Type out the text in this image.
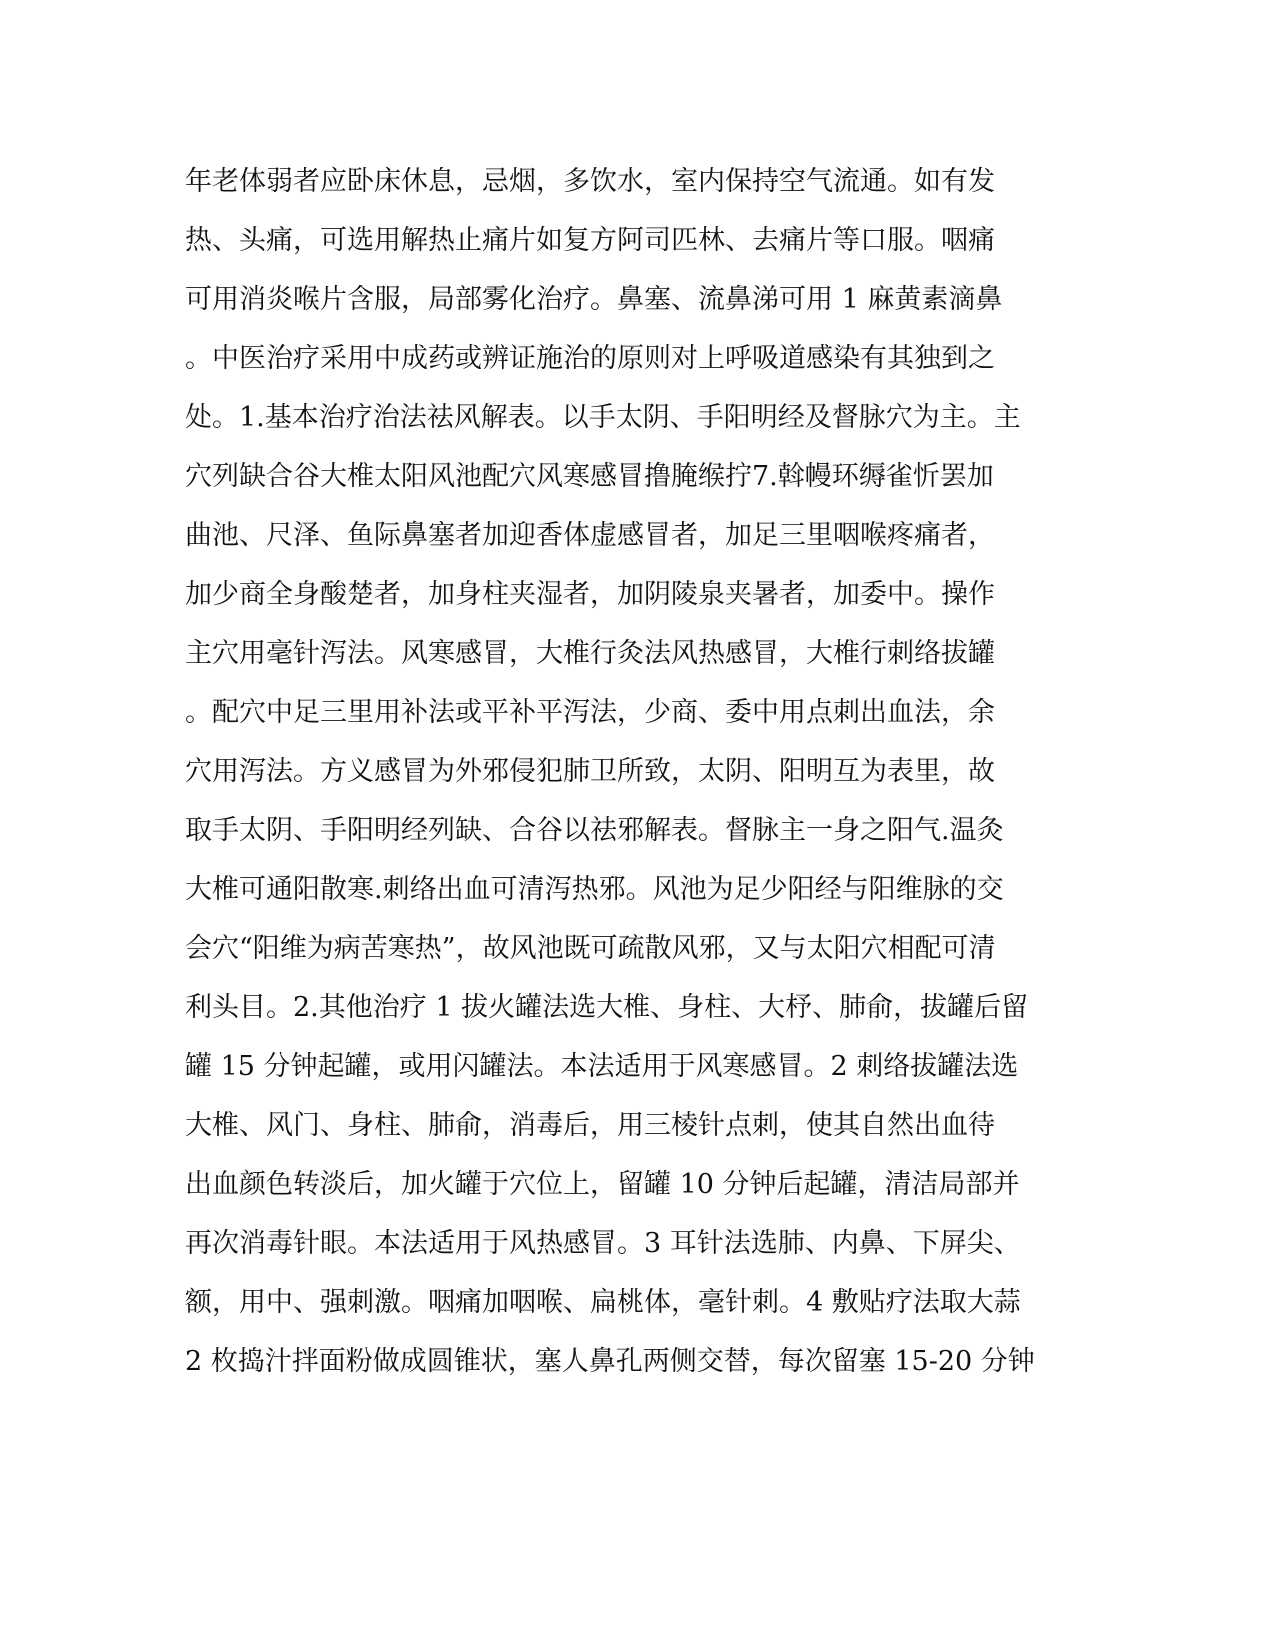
年老体弱者应卧床休息，忌烟，多饮水，室内保持空气流通。如有发
热、头痛，可选用解热止痛片如复方阿司匹林、去痛片等口服。咽痛
可用消炎喉片含服，局部雾化治疗。鼻塞、流鼻涕可用 1 麻黄素滴鼻
。中医治疗采用中成药或辨证施治的原则对上呼吸道感染有其独到之
处。1.基本治疗治法祛风解表。以手太阴、手阳明经及督脉穴为主。主
穴列缺合谷大椎太阳风池配穴风寒感冒撸腌缑拧7.斡幔环缛雀忻罢加
曲池、尺泽、鱼际鼻塞者加迎香体虚感冒者，加足三里咽喉疼痛者，
加少商全身酸楚者，加身柱夹湿者，加阴陵泉夹暑者，加委中。操作
主穴用毫针泻法。风寒感冒，大椎行灸法风热感冒，大椎行刺络拔罐
。配穴中足三里用补法或平补平泻法，少商、委中用点刺出血法，余
穴用泻法。方义感冒为外邪侵犯肺卫所致，太阴、阳明互为表里，故
取手太阴、手阳明经列缺、合谷以祛邪解表。督脉主一身之阳气.温灸
大椎可通阳散寒.刺络出血可清泻热邪。风池为足少阳经与阳维脉的交
会穴“阳维为病苦寒热”，故风池既可疏散风邪，又与太阳穴相配可清
利头目。2.其他治疗 1 拔火罐法选大椎、身柱、大杼、肺俞，拔罐后留
罐 15 分钟起罐，或用闪罐法。本法适用于风寒感冒。2 刺络拔罐法选
大椎、风门、身柱、肺俞，消毒后，用三棱针点刺，使其自然出血待
出血颜色转淡后，加火罐于穴位上，留罐 10 分钟后起罐，清洁局部并
再次消毒针眼。本法适用于风热感冒。3 耳针法选肺、内鼻、下屏尖、
额，用中、强刺激。咽痛加咽喉、扁桃体，毫针刺。4 敷贴疗法取大蒜
2 枚捣汁拌面粉做成圆锥状，塞人鼻孔两侧交替，每次留塞 15-20 分钟
